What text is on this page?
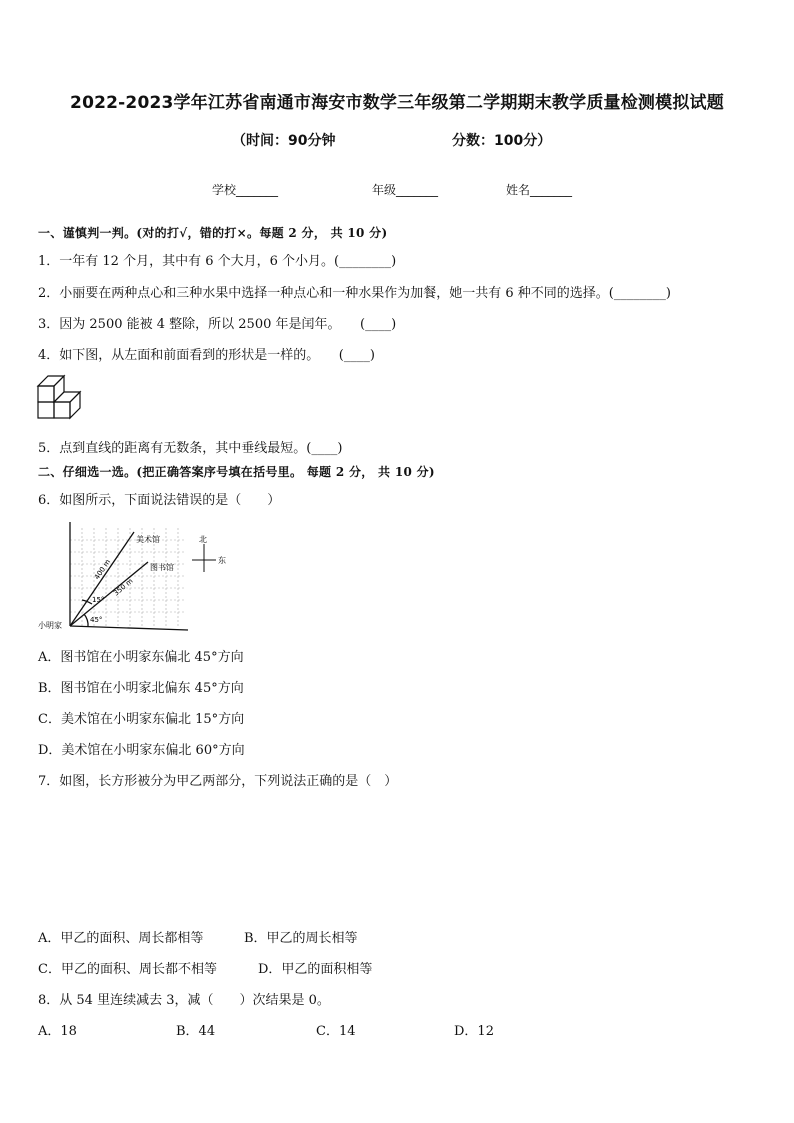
2022-2023学年江苏省南通市海安市数学三年级第二学期期末教学质量检测模拟试题
（时间：90分钟	分数：100分）
学校_______	年级_______	姓名_______
一、谨慎判一判。(对的打√，错的打×。每题 2 分， 共 10 分)
1．一年有 12 个月，其中有 6 个大月，6 个小月。(________)
2．小丽要在两种点心和三种水果中选择一种点心和一种水果作为加餐，她一共有 6 种不同的选择。(________)
3．因为 2500 能被 4 整除，所以 2500 年是闰年。　　(____)
4．如下图，从左面和前面看到的形状是一样的。　　(____)
5．点到直线的距离有无数条，其中垂线最短。(____)
二、仔细选一选。(把正确答案序号填在括号里。 每题 2 分， 共 10 分)
6．如图所示，下面说法错误的是（　　）
美术馆
图书馆
小明家
北
东
400 m
350 m
15°
45°
A．图书馆在小明家东偏北 45°方向
B．图书馆在小明家北偏东 45°方向
C．美术馆在小明家东偏北 15°方向
D．美术馆在小明家东偏北 60°方向
7．如图，长方形被分为甲乙两部分，下列说法正确的是（　）
A．甲乙的面积、周长都相等	B．甲乙的周长相等
C．甲乙的面积、周长都不相等	D．甲乙的面积相等
8．从 54 里连续减去 3，减（　　）次结果是 0。
A．18	B．44	C．14	D．12
